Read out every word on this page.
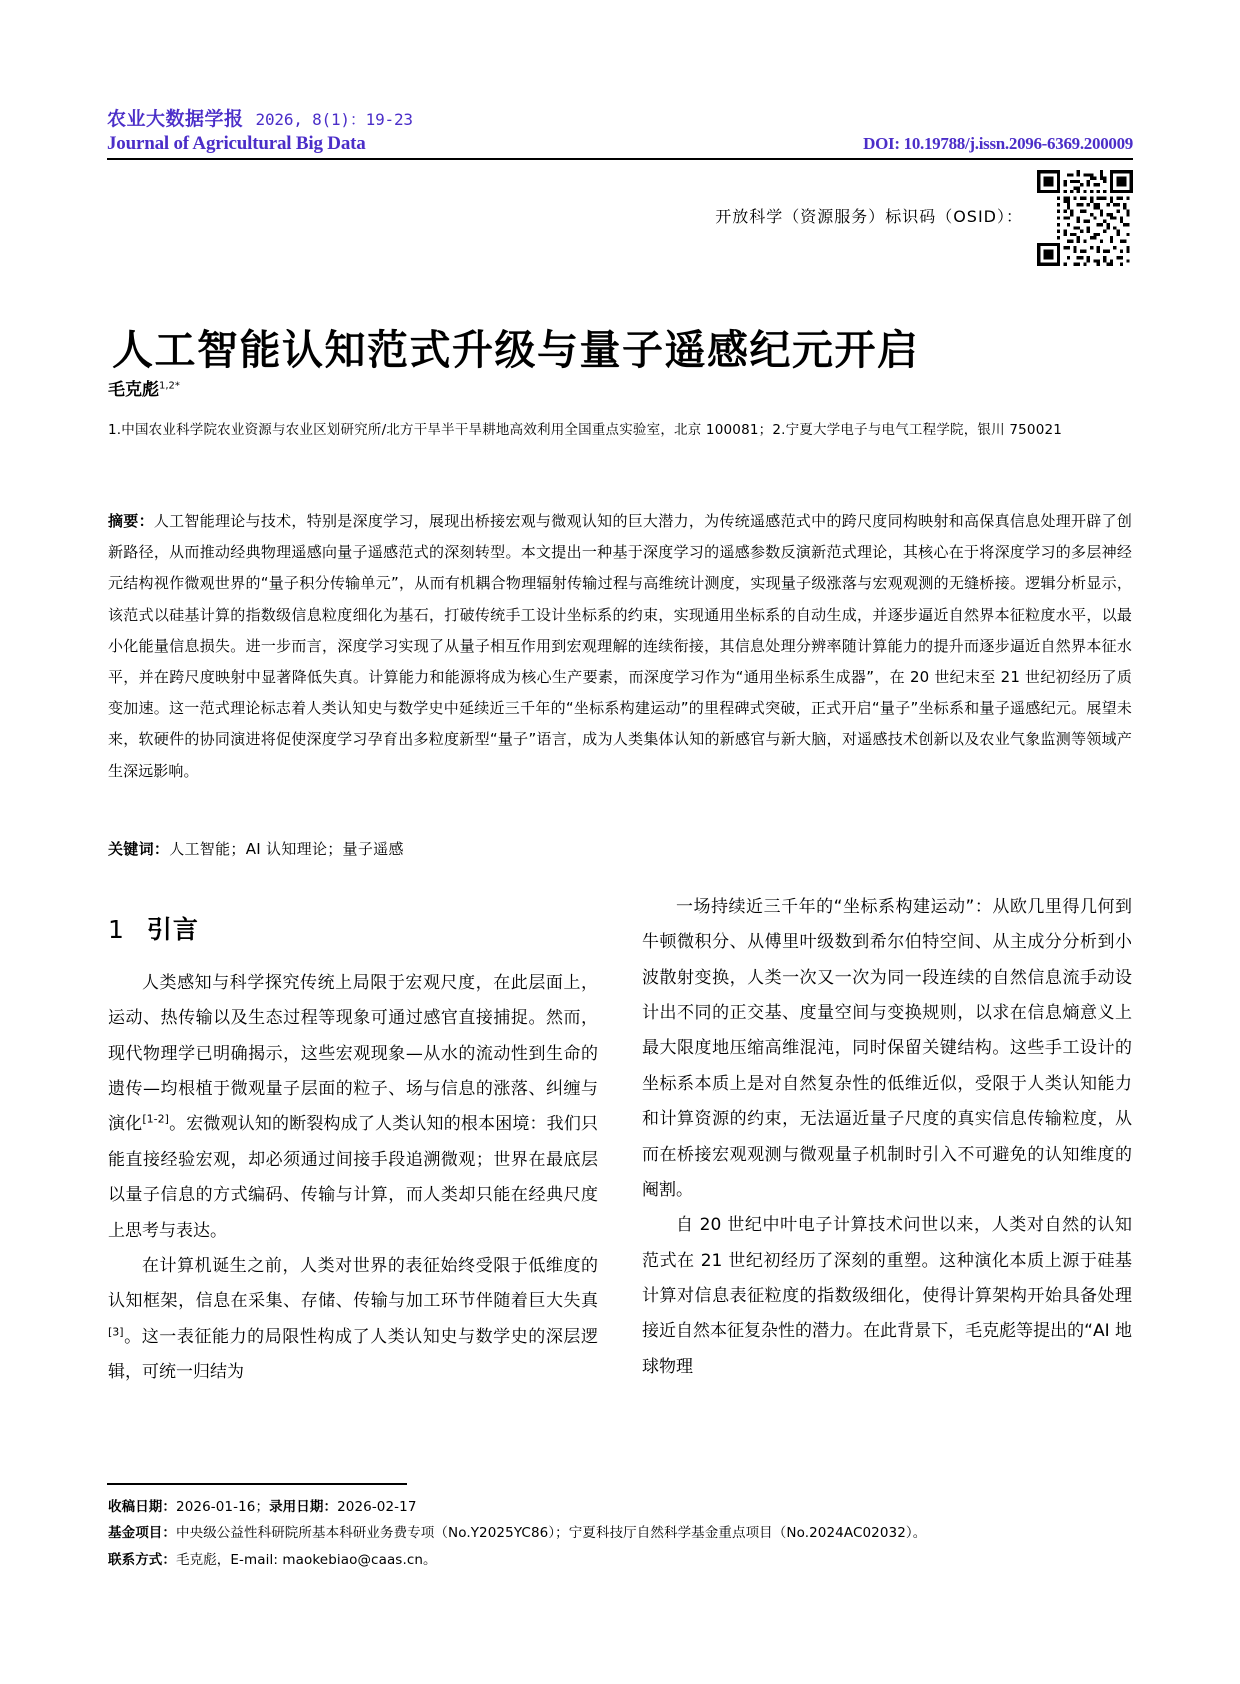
农业大数据学报 2026, 8(1)：19-23
Journal of Agricultural Big Data	DOI: 10.19788/j.issn.2096-6369.200009
开放科学（资源服务）标识码（OSID）：
人工智能认知范式升级与量子遥感纪元开启
毛克彪$^{1,2*}$
1.中国农业科学院农业资源与农业区划研究所/北方干旱半干旱耕地高效利用全国重点实验室，北京 100081；2.宁夏大学电子与电气工程学院，银川 750021
摘要：人工智能理论与技术，特别是深度学习，展现出桥接宏观与微观认知的巨大潜力，为传统遥感范式中的跨尺度同构映射和高保真信息处理开辟了创新路径，从而推动经典物理遥感向量子遥感范式的深刻转型。本文提出一种基于深度学习的遥感参数反演新范式理论，其核心在于将深度学习的多层神经元结构视作微观世界的“量子积分传输单元”，从而有机耦合物理辐射传输过程与高维统计测度，实现量子级涨落与宏观观测的无缝桥接。逻辑分析显示，该范式以硅基计算的指数级信息粒度细化为基石，打破传统手工设计坐标系的约束，实现通用坐标系的自动生成，并逐步逼近自然界本征粒度水平，以最小化能量信息损失。进一步而言，深度学习实现了从量子相互作用到宏观理解的连续衔接，其信息处理分辨率随计算能力的提升而逐步逼近自然界本征水平，并在跨尺度映射中显著降低失真。计算能力和能源将成为核心生产要素，而深度学习作为“通用坐标系生成器”，在 20 世纪末至 21 世纪初经历了质变加速。这一范式理论标志着人类认知史与数学史中延续近三千年的“坐标系构建运动”的里程碑式突破，正式开启“量子”坐标系和量子遥感纪元。展望未来，软硬件的协同演进将促使深度学习孕育出多粒度新型“量子”语言，成为人类集体认知的新感官与新大脑，对遥感技术创新以及农业气象监测等领域产生深远影响。
关键词：人工智能；AI 认知理论；量子遥感
1 引言

人类感知与科学探究传统上局限于宏观尺度，在此层面上，运动、热传输以及生态过程等现象可通过感官直接捕捉。然而，现代物理学已明确揭示，这些宏观现象—从水的流动性到生命的遗传—均根植于微观量子层面的粒子、场与信息的涨落、纠缠与演化[1-2]。宏微观认知的断裂构成了人类认知的根本困境：我们只能直接经验宏观，却必须通过间接手段追溯微观；世界在最底层以量子信息的方式编码、传输与计算，而人类却只能在经典尺度上思考与表达。

在计算机诞生之前，人类对世界的表征始终受限于低维度的认知框架，信息在采集、存储、传输与加工环节伴随着巨大失真[3]。这一表征能力的局限性构成了人类认知史与数学史的深层逻辑，可统一归结为

一场持续近三千年的“坐标系构建运动”：从欧几里得几何到牛顿微积分、从傅里叶级数到希尔伯特空间、从主成分分析到小波散射变换，人类一次又一次为同一段连续的自然信息流手动设计出不同的正交基、度量空间与变换规则，以求在信息熵意义上最大限度地压缩高维混沌，同时保留关键结构。这些手工设计的坐标系本质上是对自然复杂性的低维近似，受限于人类认知能力和计算资源的约束，无法逼近量子尺度的真实信息传输粒度，从而在桥接宏观观测与微观量子机制时引入不可避免的认知维度的阉割。

自 20 世纪中叶电子计算技术问世以来，人类对自然的认知范式在 21 世纪初经历了深刻的重塑。这种演化本质上源于硅基计算对信息表征粒度的指数级细化，使得计算架构开始具备处理接近自然本征复杂性的潜力。在此背景下，毛克彪等提出的“AI 地球物理

收稿日期：2026-01-16；录用日期：2026-02-17
基金项目：中央级公益性科研院所基本科研业务费专项（No.Y2025YC86）；宁夏科技厅自然科学基金重点项目（No.2024AC02032）。
联系方式：毛克彪，E-mail: maokebiao@caas.cn。
